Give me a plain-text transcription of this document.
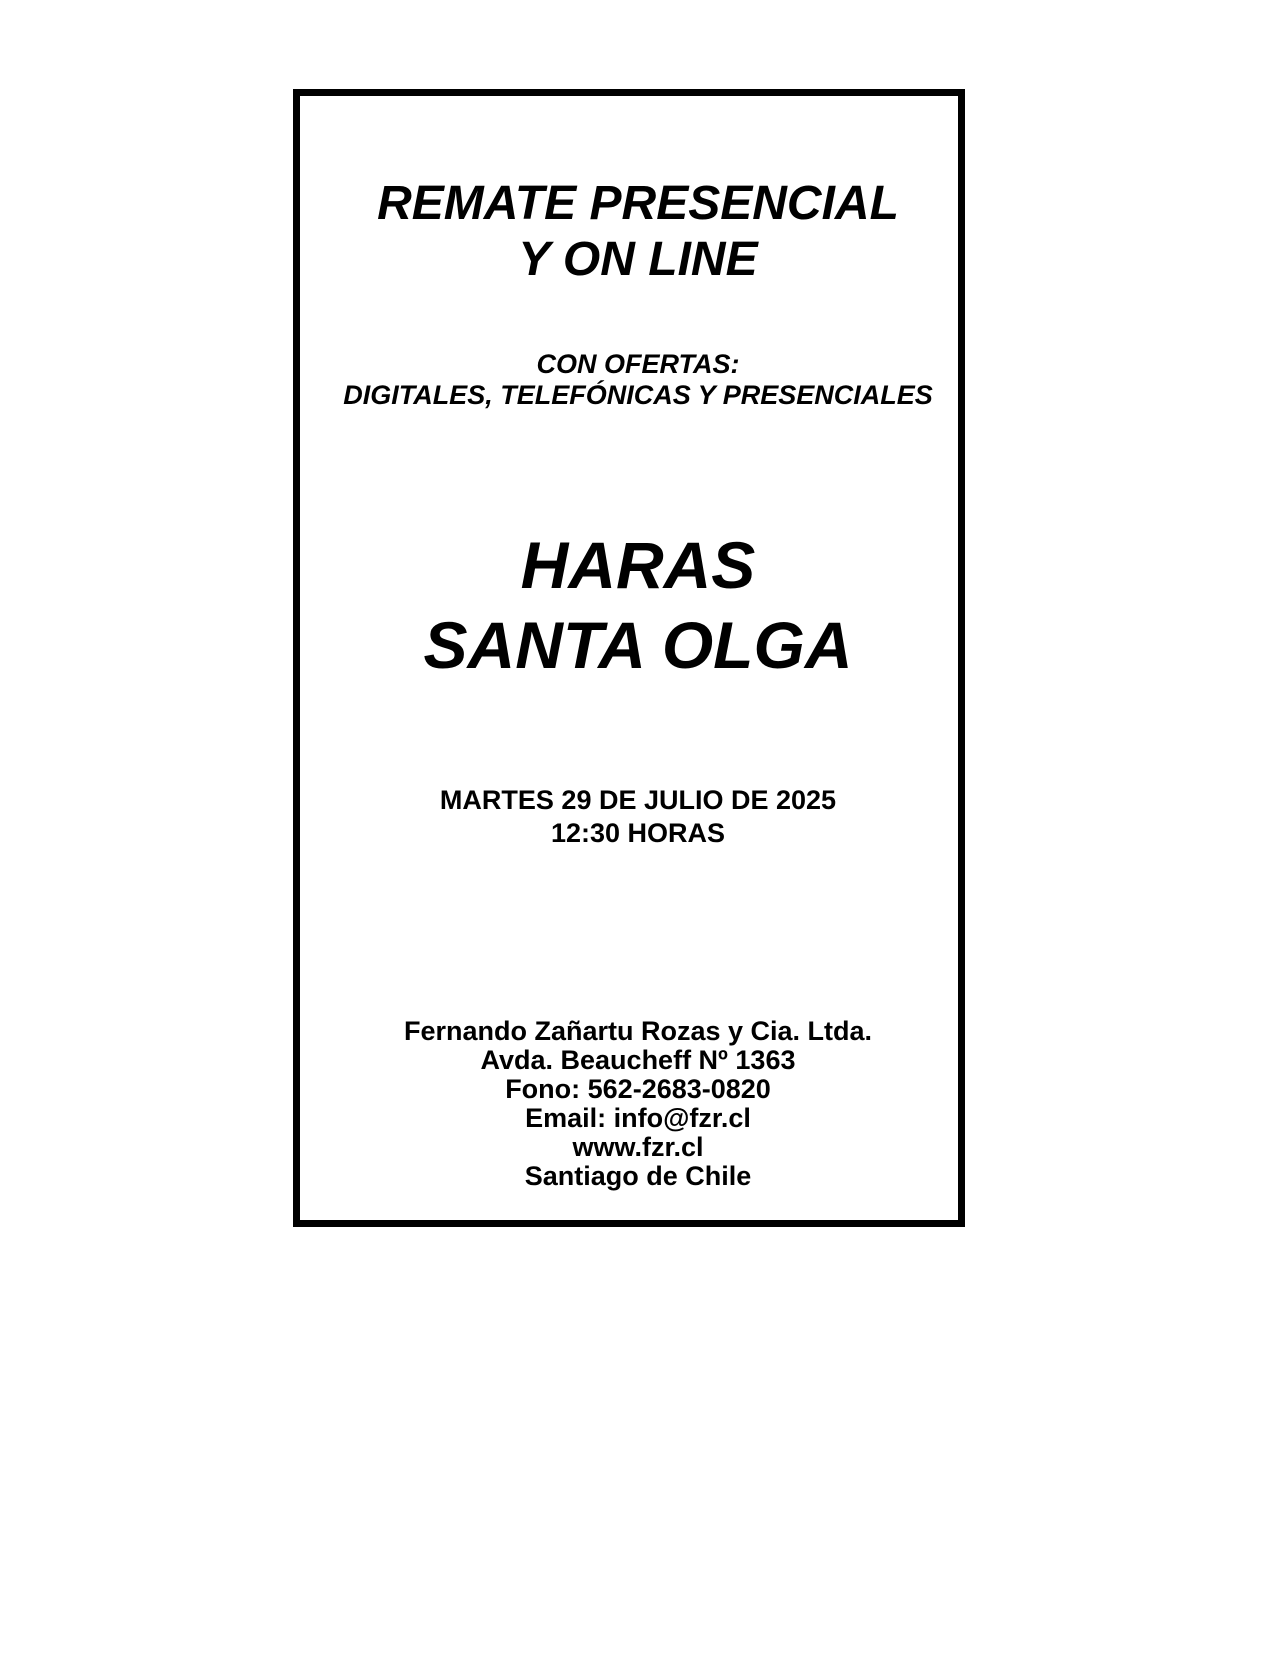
REMATE PRESENCIAL
Y ON LINE
CON OFERTAS:
DIGITALES, TELEFÓNICAS Y PRESENCIALES
HARAS
SANTA OLGA
MARTES 29 DE JULIO DE 2025
12:30 HORAS
Fernando Zañartu Rozas y Cia. Ltda.
Avda. Beaucheff Nº 1363
Fono: 562-2683-0820
Email: info@fzr.cl
www.fzr.cl
Santiago de Chile
